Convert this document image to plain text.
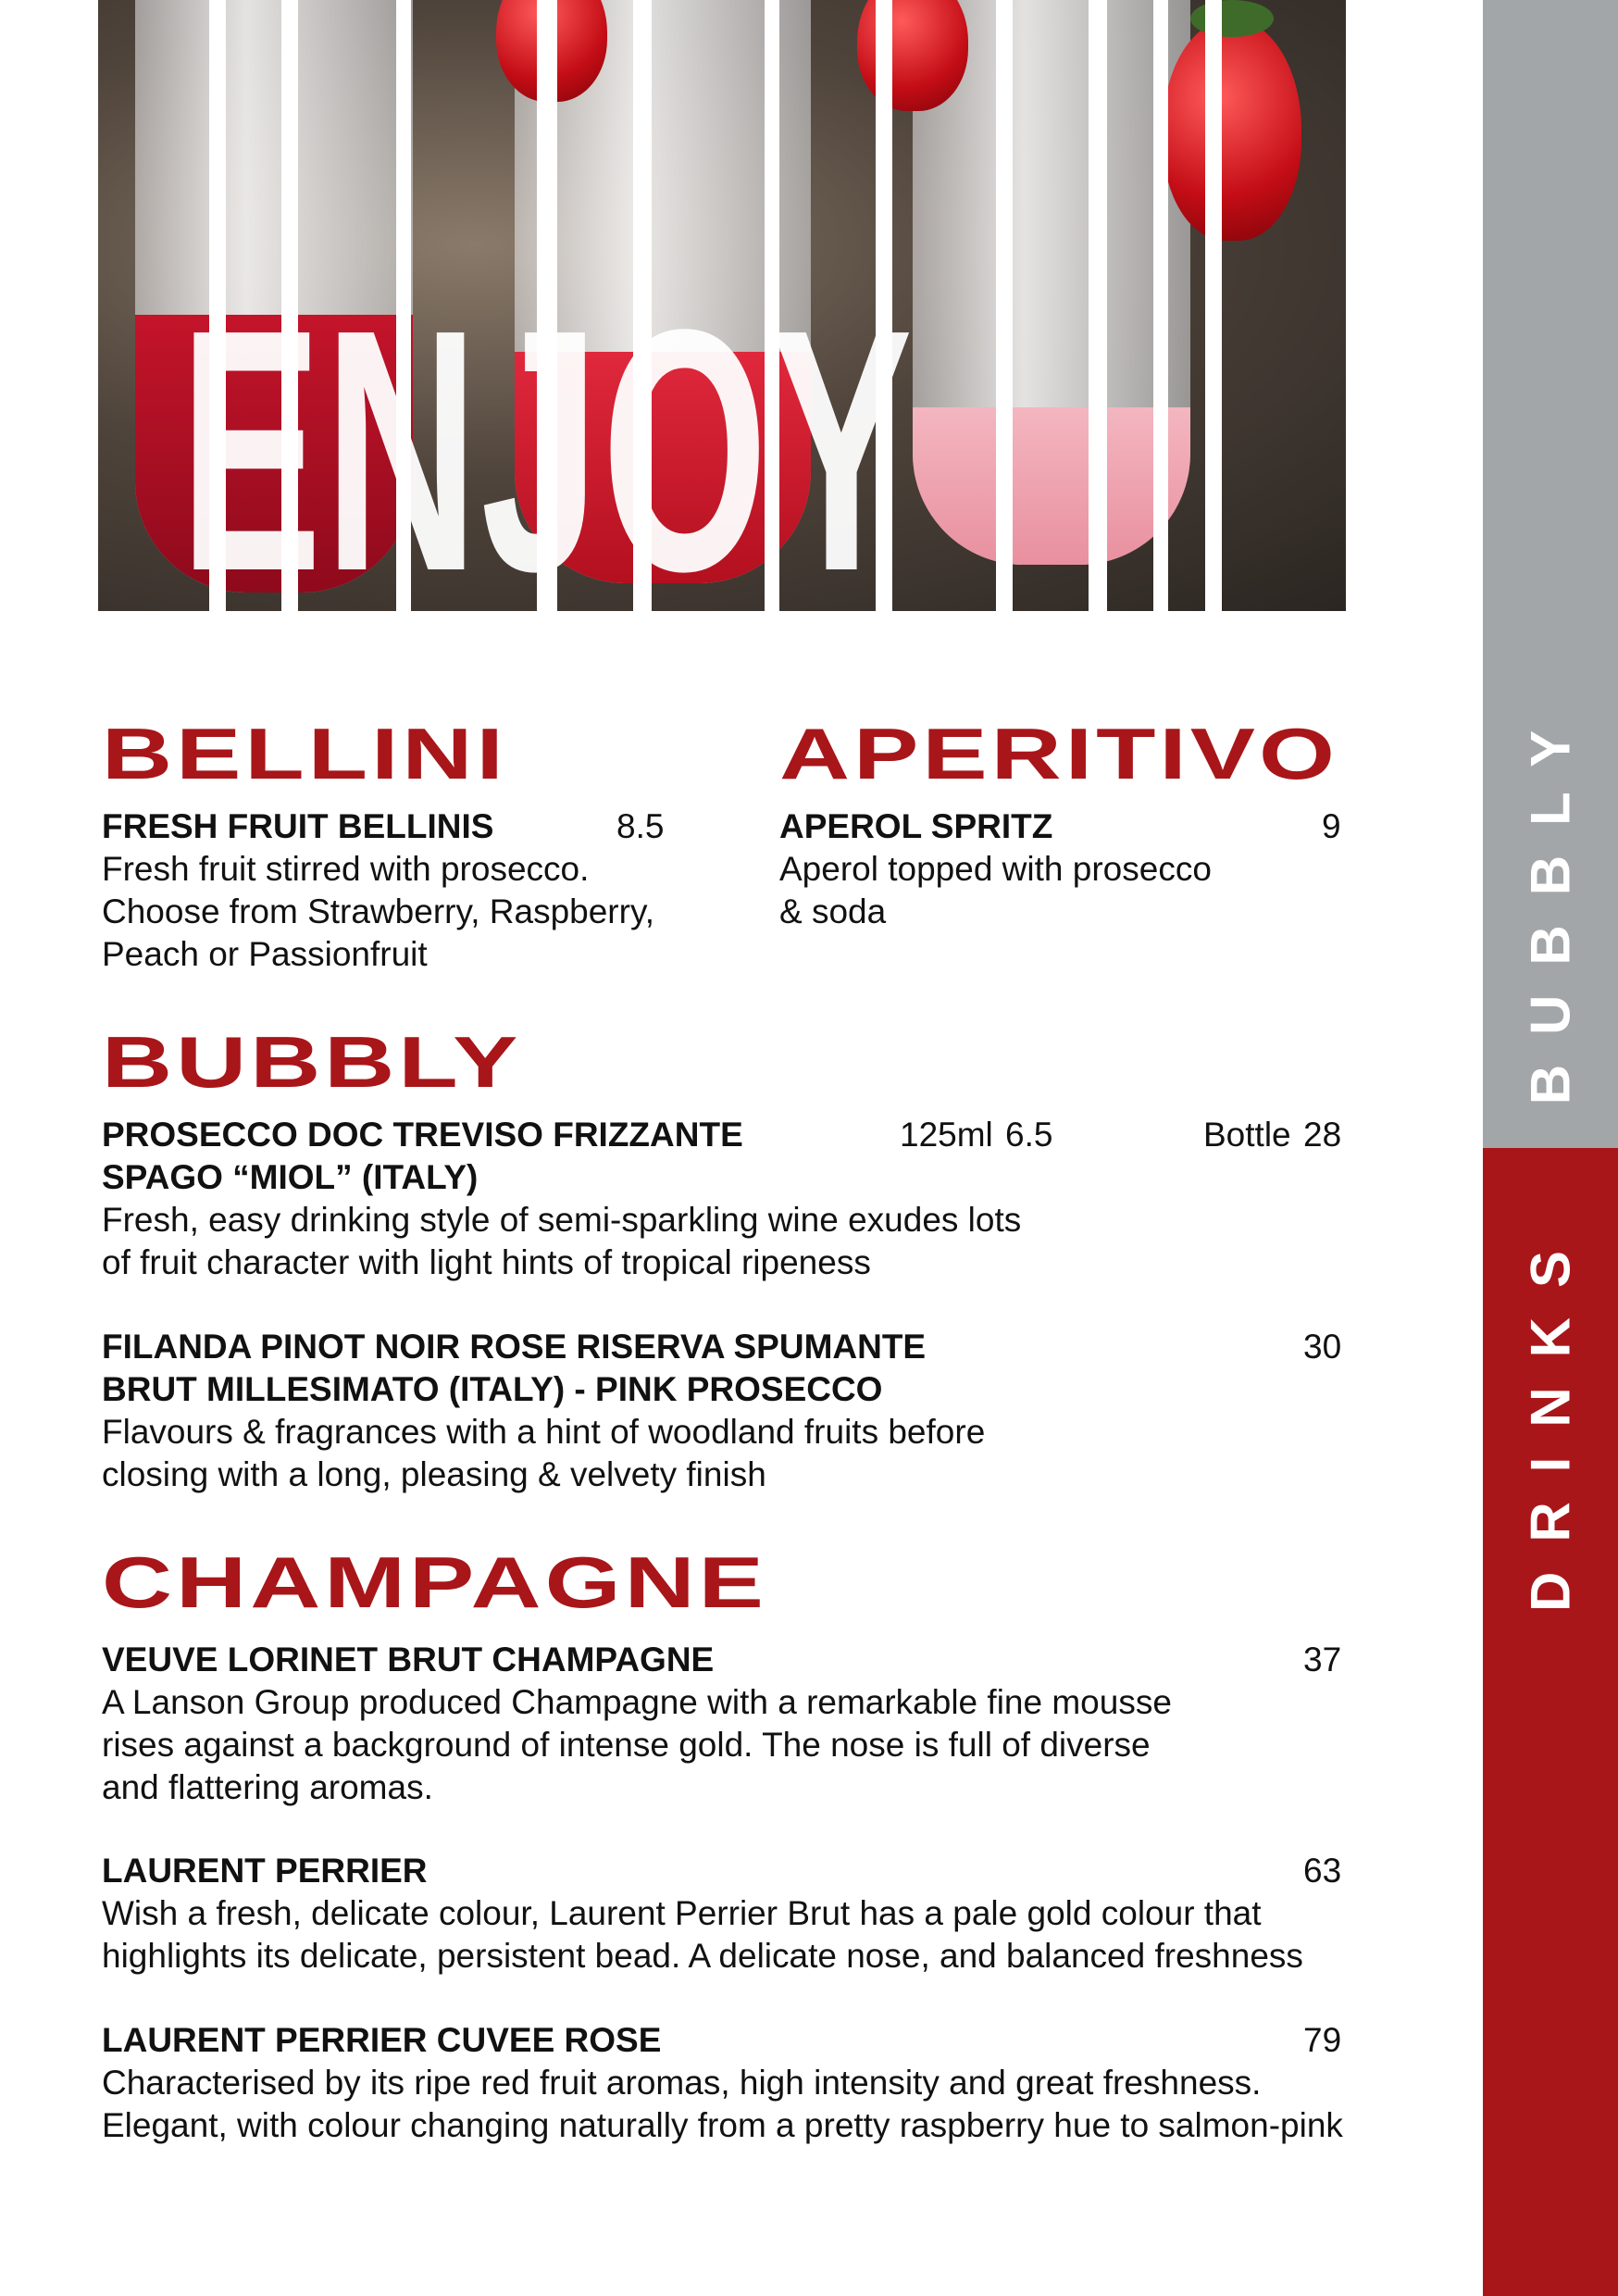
ENJOY
BUBBLY
DRINKS
BELLINI
FRESH FRUIT BELLINIS
Fresh fruit stirred with prosecco.
Choose from Strawberry, Raspberry,
Peach or Passionfruit
8.5
APERITIVO
APEROL SPRITZ
Aperol topped with prosecco
& soda
9
BUBBLY
PROSECCO DOC TREVISO FRIZZANTE
SPAGO “MIOL” (ITALY)
Fresh, easy drinking style of semi-sparkling wine exudes lots
of fruit character with light hints of tropical ripeness
125ml 6.5	Bottle 28
FILANDA PINOT NOIR ROSE RISERVA SPUMANTE
BRUT MILLESIMATO (ITALY) - PINK PROSECCO
Flavours & fragrances with a hint of woodland fruits before
closing with a long, pleasing & velvety finish
30
CHAMPAGNE
VEUVE LORINET BRUT CHAMPAGNE
A Lanson Group produced Champagne with a remarkable fine mousse
rises against a background of intense gold. The nose is full of diverse
and flattering aromas.
37
LAURENT PERRIER
Wish a fresh, delicate colour, Laurent Perrier Brut has a pale gold colour that
highlights its delicate, persistent bead. A delicate nose, and balanced freshness
63
LAURENT PERRIER CUVEE ROSE
Characterised by its ripe red fruit aromas, high intensity and great freshness.
Elegant, with colour changing naturally from a pretty raspberry hue to salmon-pink
79
